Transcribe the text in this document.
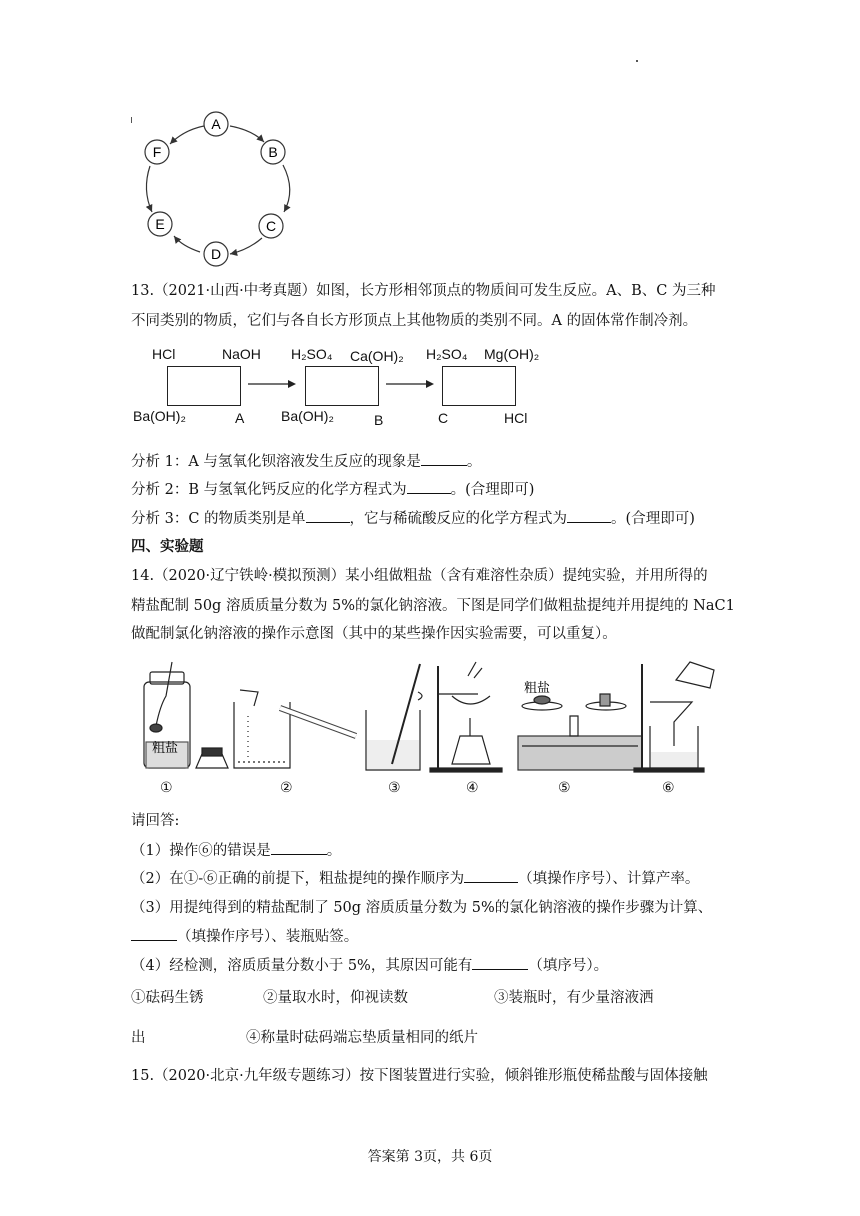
A
B
C
D
E
F
13.（2021·山西·中考真题）如图，长方形相邻顶点的物质间可发生反应。A、B、C 为三种
不同类别的物质，它们与各自长方形顶点上其他物质的类别不同。A 的固体常作制冷剂。
HCl	NaOH
Ba(OH)₂	A
H₂SO₄ Ca(OH)₂
Ba(OH)₂	B
H₂SO₄ Mg(OH)₂
C	HCl
分析 1：A 与氢氧化钡溶液发生反应的现象是	。
分析 2：B 与氢氧化钙反应的化学方程式为	。(合理即可)
分析 3：C 的物质类别是单	，它与稀硫酸反应的化学方程式为	。(合理即可)
四、实验题
14.（2020·辽宁铁岭·模拟预测）某小组做粗盐（含有难溶性杂质）提纯实验，并用所得的
精盐配制 50g 溶质质量分数为 5%的氯化钠溶液。下图是同学们做粗盐提纯并用提纯的 NaC1
做配制氯化钠溶液的操作示意图（其中的某些操作因实验需要，可以重复）。
粗盐
粗盐
①	②	③	④	⑤	⑥
请回答:
（1）操作⑥的错误是	。
（2）在①-⑥正确的前提下，粗盐提纯的操作顺序为	（填操作序号）、计算产率。
（3）用提纯得到的精盐配制了 50g 溶质质量分数为 5%的氯化钠溶液的操作步骤为计算、
（填操作序号）、装瓶贴签。
（4）经检测，溶质质量分数小于 5%，其原因可能有	（填序号）。
①砝码生锈	②量取水时，仰视读数	③装瓶时，有少量溶液洒
出	④称量时砝码端忘垫质量相同的纸片
15.（2020·北京·九年级专题练习）按下图装置进行实验，倾斜锥形瓶使稀盐酸与固体接触
答案第 3页，共 6页
